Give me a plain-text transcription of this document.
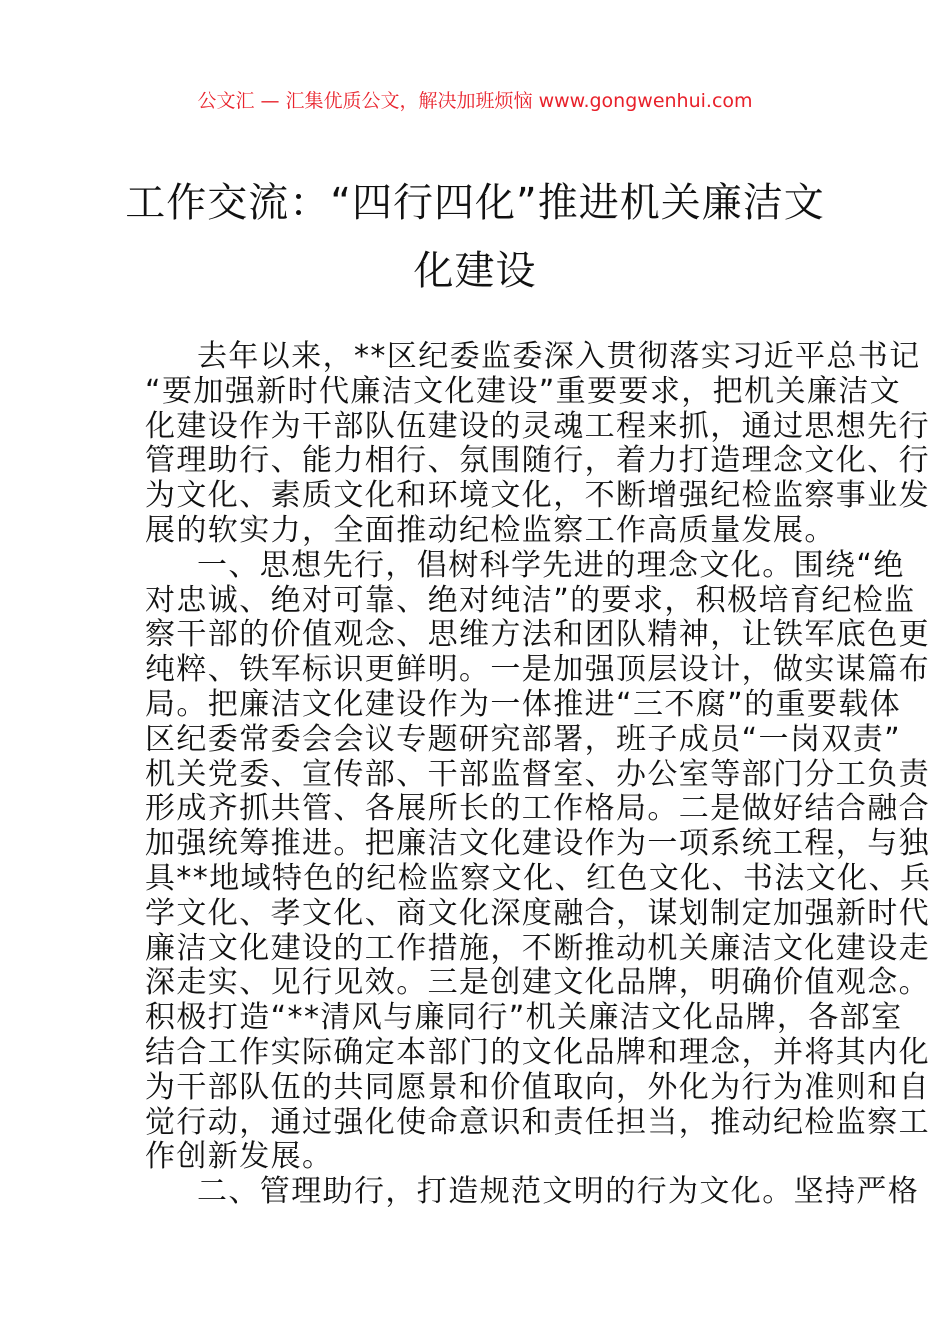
公文汇 — 汇集优质公文，解决加班烦恼 www.gongwenhui.com
工作交流：“四行四化”推进机关廉洁文
化建设
去年以来，**区纪委监委深入贯彻落实习近平总书记
“要加强新时代廉洁文化建设”重要要求，把机关廉洁文
化建设作为干部队伍建设的灵魂工程来抓，通过思想先行
管理助行、能力相行、氛围随行，着力打造理念文化、行
为文化、素质文化和环境文化，不断增强纪检监察事业发
展的软实力，全面推动纪检监察工作高质量发展。
一、思想先行，倡树科学先进的理念文化。围绕“绝
对忠诚、绝对可靠、绝对纯洁”的要求，积极培育纪检监
察干部的价值观念、思维方法和团队精神，让铁军底色更
纯粹、铁军标识更鲜明。一是加强顶层设计，做实谋篇布
局。把廉洁文化建设作为一体推进“三不腐”的重要载体
区纪委常委会会议专题研究部署，班子成员“一岗双责”
机关党委、宣传部、干部监督室、办公室等部门分工负责
形成齐抓共管、各展所长的工作格局。二是做好结合融合
加强统筹推进。把廉洁文化建设作为一项系统工程，与独
具**地域特色的纪检监察文化、红色文化、书法文化、兵
学文化、孝文化、商文化深度融合，谋划制定加强新时代
廉洁文化建设的工作措施，不断推动机关廉洁文化建设走
深走实、见行见效。三是创建文化品牌，明确价值观念。
积极打造“**清风与廉同行”机关廉洁文化品牌，各部室
结合工作实际确定本部门的文化品牌和理念，并将其内化
为干部队伍的共同愿景和价值取向，外化为行为准则和自
觉行动，通过强化使命意识和责任担当，推动纪检监察工
作创新发展。
二、管理助行，打造规范文明的行为文化。坚持严格
